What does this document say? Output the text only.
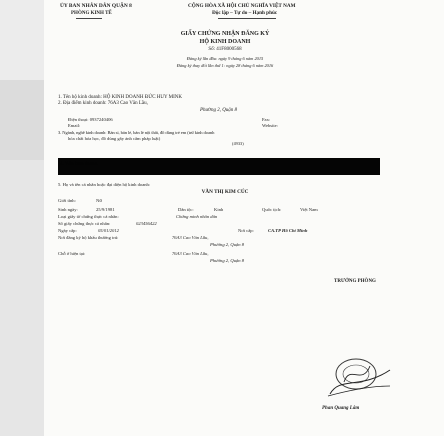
ỦY BAN NHÂN DÂN QUẬN 8
PHÒNG KINH TẾ
CỘNG HÒA XÃ HỘI CHỦ NGHĨA VIỆT NAM
Độc lập – Tự do – Hạnh phúc
GIẤY CHỨNG NHẬN ĐĂNG KÝ
HỘ KINH DOANH
Số: 41F8000568
Đăng ký lần đầu: ngày 9 tháng 6 năm 2015
Đăng ký thay đổi lần thứ 1: ngày 28 tháng 6 năm 2016
1. Tên hộ kinh doanh: HỘ KINH DOANH ĐỨC HUY MINK
2. Địa điểm kinh doanh: 76A3 Cao Văn Lầu,
Phường 2, Quận 8
Điện thoại: 0937240406	Fax:
Email:	Website:
3. Ngành, nghề kinh doanh: Bán sỉ, bán lẻ, bán lẻ nội thất, đồ dùng trẻ em (trừ kinh doanh
hóa chất hóa học, đồ dùng gây ảnh cấm pháp luật)
(4933)
4. Vốn kinh doanh:
5. Họ và tên cá nhân hoặc đại diện hộ kinh doanh:
VĂN THỊ KIM CÚC
Giới tính:	Nữ
Sinh ngày:	25/9/1981	Dân tộc:	Kinh	Quốc tịch:	Việt Nam
Loại giấy tờ chứng thực cá nhân:	Chứng minh nhân dân
Số giấy chứng thực cá nhân:	023456422
Ngày cấp:	05/01/2012	Nơi cấp:	CA.TP Hồ Chí Minh
Nơi đăng ký hộ khẩu thường trú:	76A3 Cao Văn Lầu,
Phường 2, Quận 8
Chỗ ở hiện tại:	76A3 Cao Văn Lầu,
Phường 2, Quận 8
TRƯỞNG PHÒNG
Phan Quang Lâm
